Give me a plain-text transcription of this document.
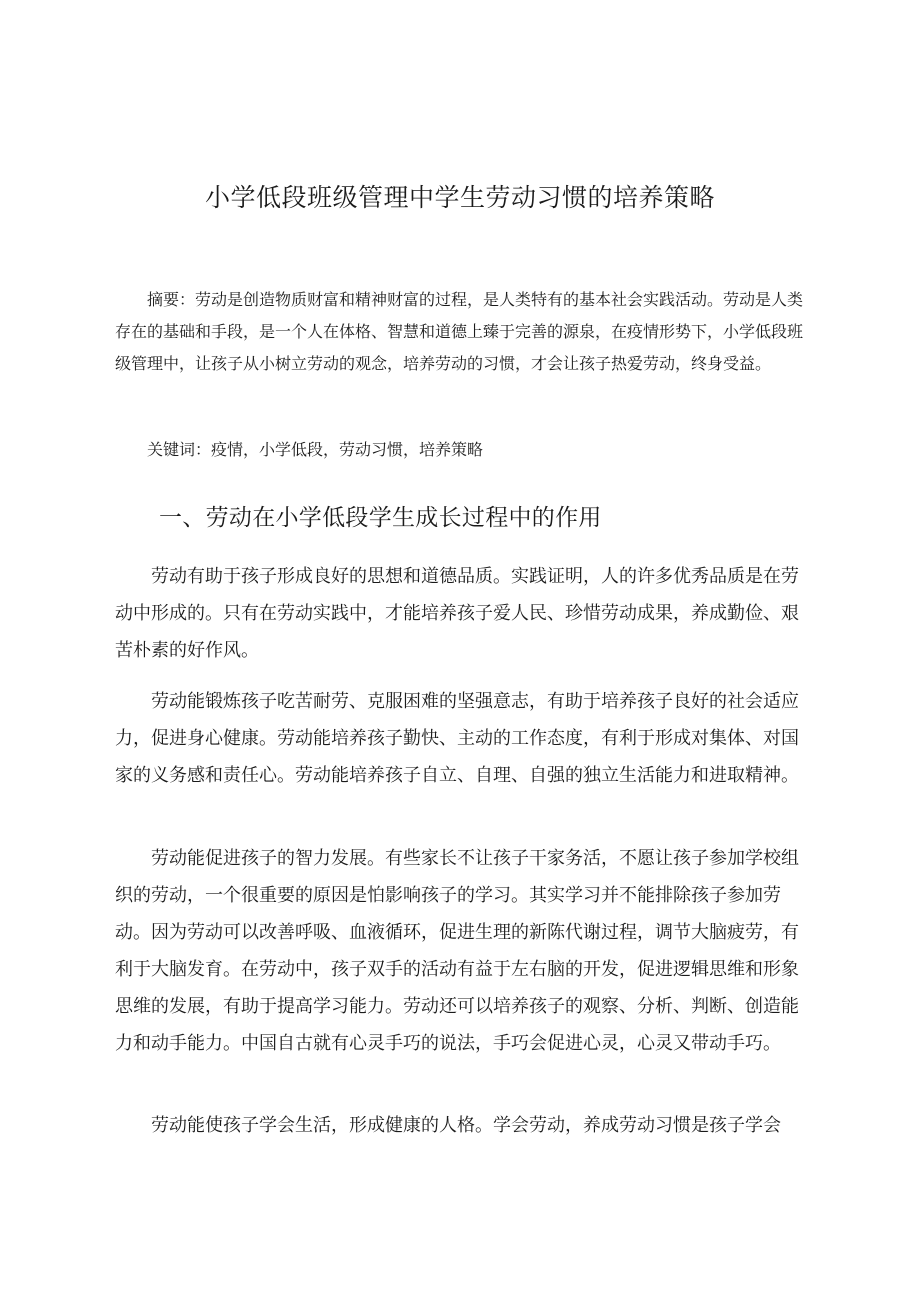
小学低段班级管理中学生劳动习惯的培养策略

摘要：劳动是创造物质财富和精神财富的过程，是人类特有的基本社会实践活动。劳动是人类存在的基础和手段，是一个人在体格、智慧和道德上臻于完善的源泉，在疫情形势下，小学低段班级管理中，让孩子从小树立劳动的观念，培养劳动的习惯，才会让孩子热爱劳动，终身受益。

关键词：疫情，小学低段，劳动习惯，培养策略

一、劳动在小学低段学生成长过程中的作用

劳动有助于孩子形成良好的思想和道德品质。实践证明，人的许多优秀品质是在劳动中形成的。只有在劳动实践中，才能培养孩子爱人民、珍惜劳动成果，养成勤俭、艰苦朴素的好作风。

劳动能锻炼孩子吃苦耐劳、克服困难的坚强意志，有助于培养孩子良好的社会适应力，促进身心健康。劳动能培养孩子勤快、主动的工作态度，有利于形成对集体、对国家的义务感和责任心。劳动能培养孩子自立、自理、自强的独立生活能力和进取精神。

劳动能促进孩子的智力发展。有些家长不让孩子干家务活，不愿让孩子参加学校组织的劳动，一个很重要的原因是怕影响孩子的学习。其实学习并不能排除孩子参加劳动。因为劳动可以改善呼吸、血液循环，促进生理的新陈代谢过程，调节大脑疲劳，有利于大脑发育。在劳动中，孩子双手的活动有益于左右脑的开发，促进逻辑思维和形象思维的发展，有助于提高学习能力。劳动还可以培养孩子的观察、分析、判断、创造能力和动手能力。中国自古就有心灵手巧的说法，手巧会促进心灵，心灵又带动手巧。

劳动能使孩子学会生活，形成健康的人格。学会劳动，养成劳动习惯是孩子学会
